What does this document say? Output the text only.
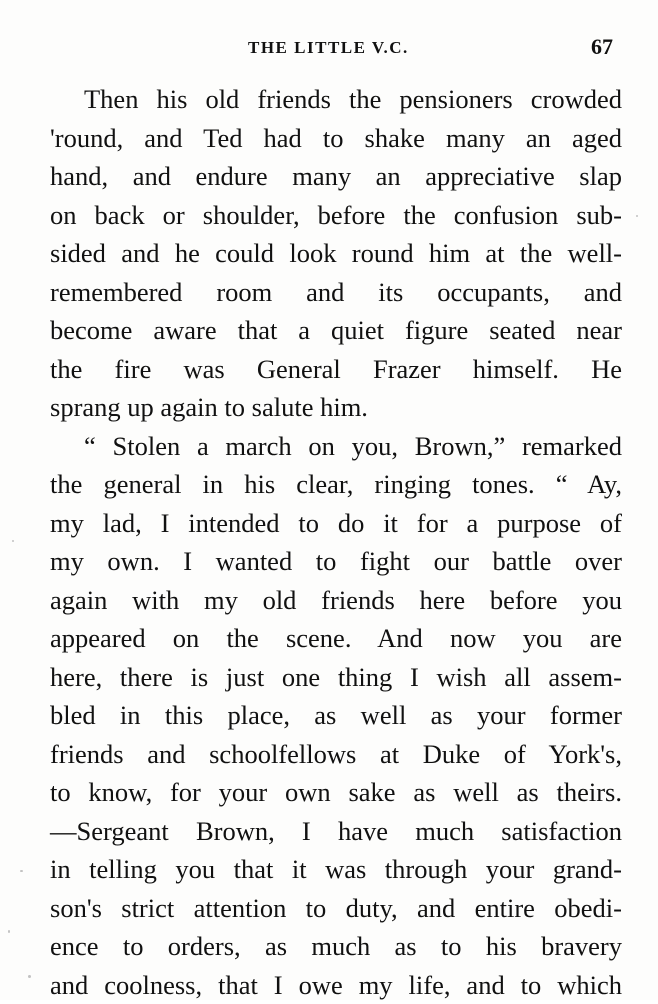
THE LITTLE V.C.	67
Then his old friends the pensioners crowded
'round, and Ted had to shake many an aged
hand, and endure many an appreciative slap
on back or shoulder, before the confusion sub-
sided and he could look round him at the well-
remembered room and its occupants, and
become aware that a quiet figure seated near
the fire was General Frazer himself. He
sprang up again to salute him.
“ Stolen a march on you, Brown,” remarked
the general in his clear, ringing tones. “ Ay,
my lad, I intended to do it for a purpose of
my own. I wanted to fight our battle over
again with my old friends here before you
appeared on the scene. And now you are
here, there is just one thing I wish all assem-
bled in this place, as well as your former
friends and schoolfellows at Duke of York's,
to know, for your own sake as well as theirs.
—Sergeant Brown, I have much satisfaction
in telling you that it was through your grand-
son's strict attention to duty, and entire obedi-
ence to orders, as much as to his bravery
and coolness, that I owe my life, and to which
